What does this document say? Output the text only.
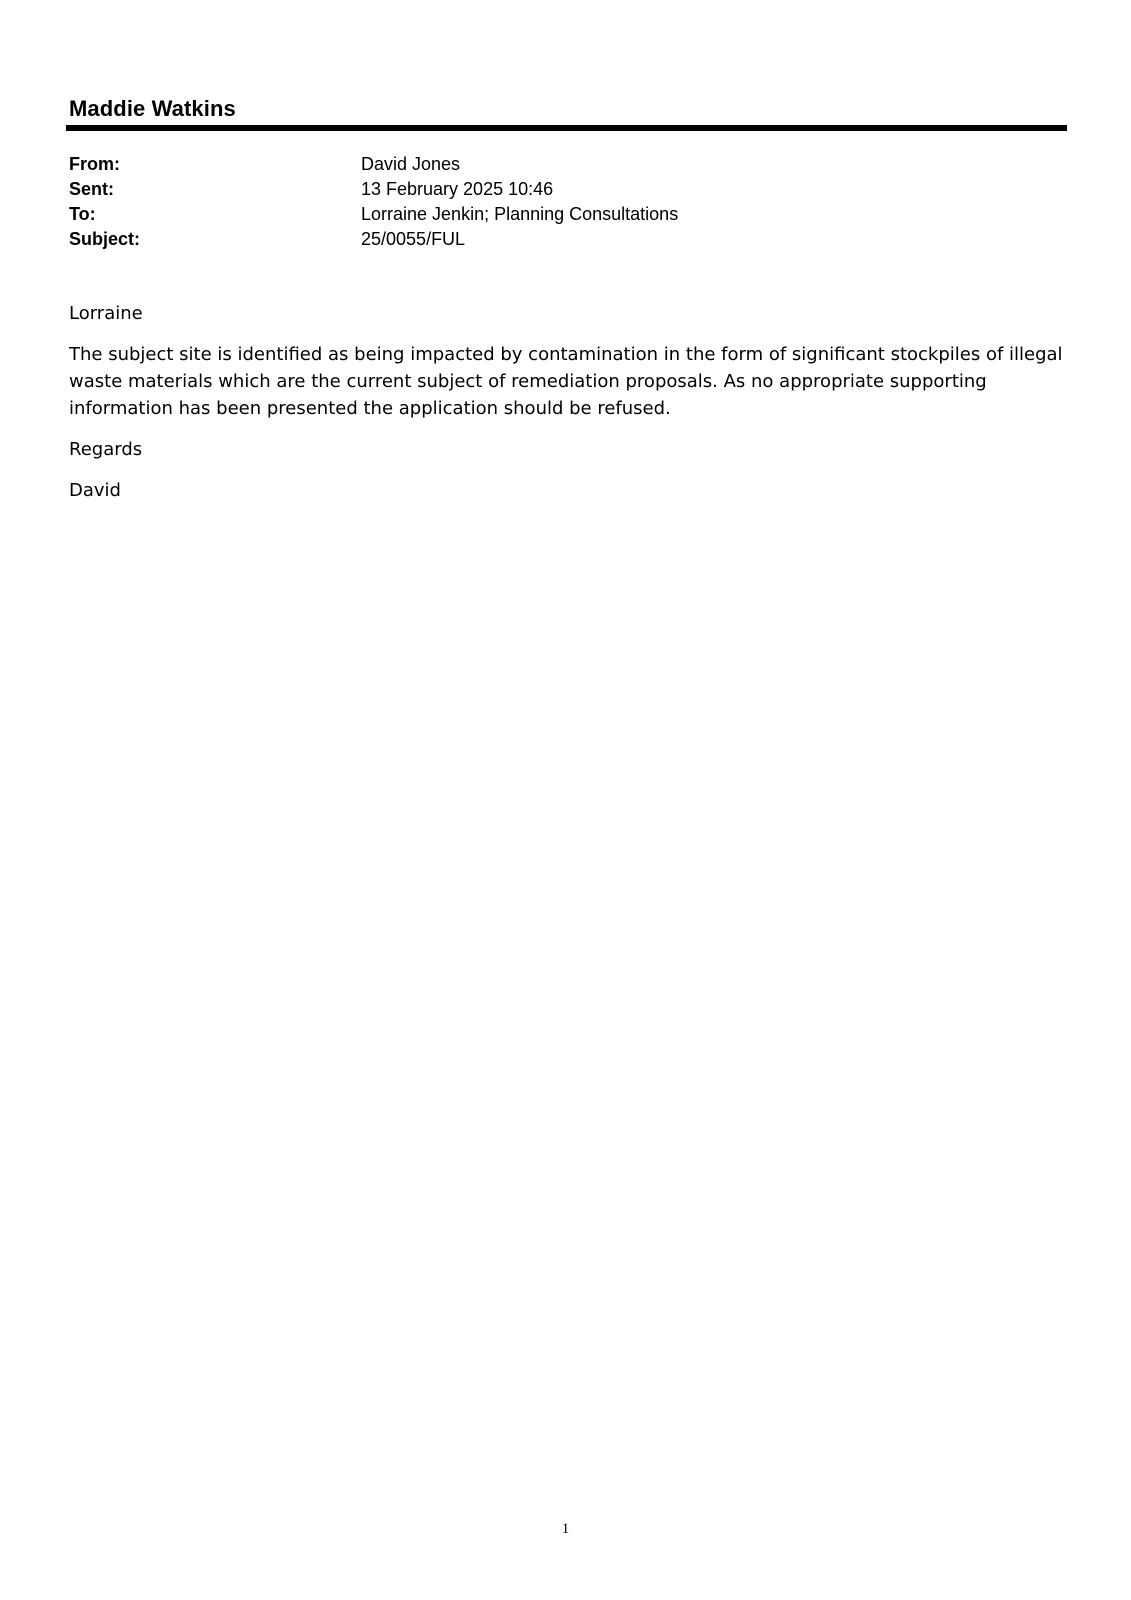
Maddie Watkins
From:	David Jones
Sent:	13 February 2025 10:46
To:	Lorraine Jenkin; Planning Consultations
Subject:	25/0055/FUL

Lorraine

The subject site is identified as being impacted by contamination in the form of significant stockpiles of illegal waste materials which are the current subject of remediation proposals. As no appropriate supporting information has been presented the application should be refused.

Regards

David

1
